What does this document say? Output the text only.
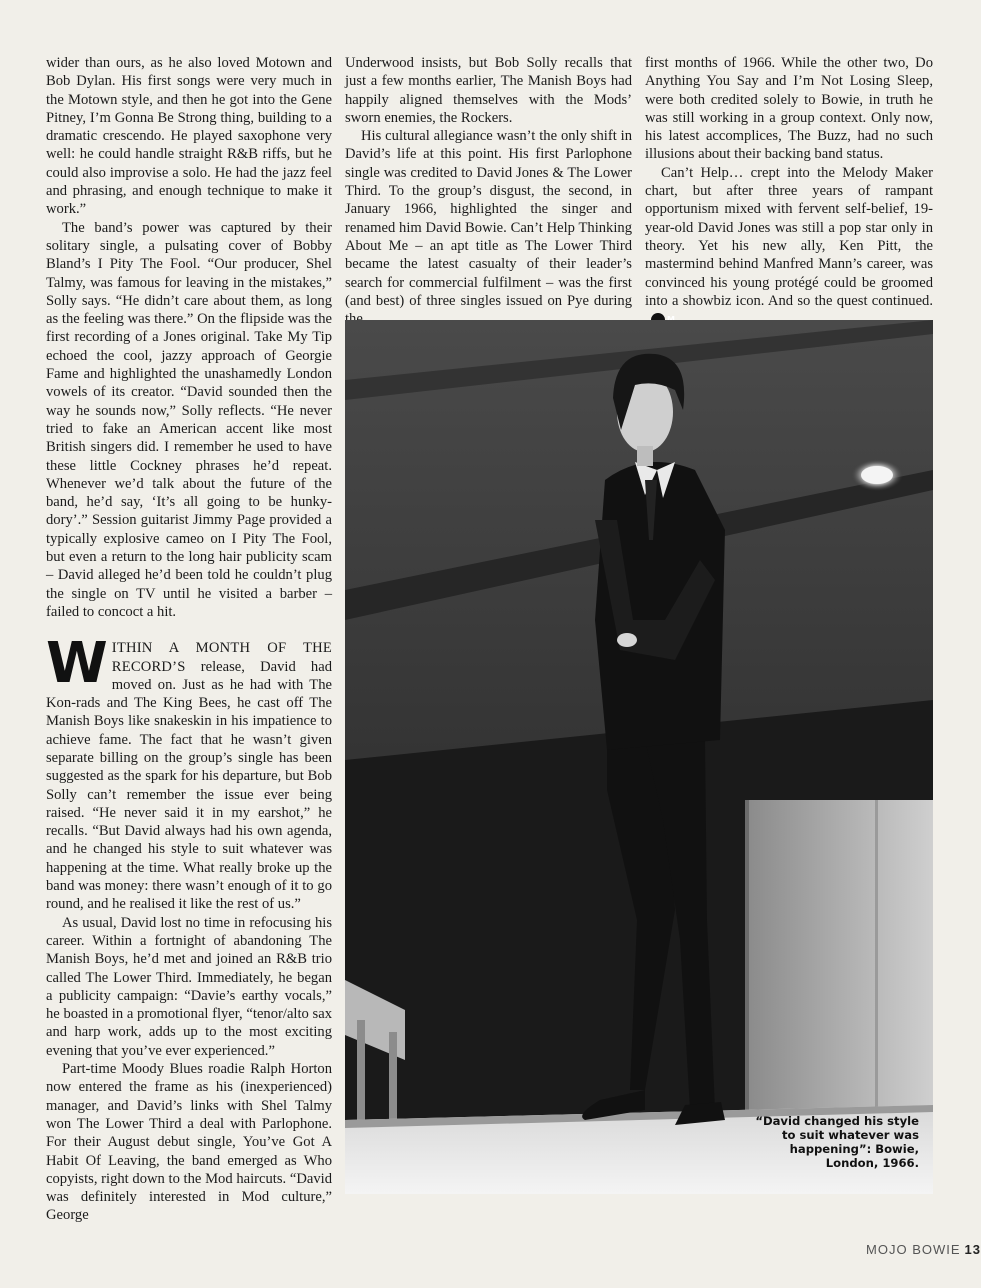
wider than ours, as he also loved Motown and Bob Dylan. His first songs were very much in the Motown style, and then he got into the Gene Pitney, I’m Gonna Be Strong thing, building to a dramatic crescendo. He played saxophone very well: he could handle straight R&B riffs, but he could also improvise a solo. He had the jazz feel and phrasing, and enough technique to make it work.”

The band’s power was captured by their solitary single, a pulsating cover of Bobby Bland’s I Pity The Fool. “Our producer, Shel Talmy, was famous for leaving in the mistakes,” Solly says. “He didn’t care about them, as long as the feeling was there.” On the flipside was the first recording of a Jones original. Take My Tip echoed the cool, jazzy approach of Georgie Fame and highlighted the unashamedly London vowels of its creator. “David sounded then the way he sounds now,” Solly reflects. “He never tried to fake an American accent like most British singers did. I remember he used to have these little Cockney phrases he’d repeat. Whenever we’d talk about the future of the band, he’d say, ‘It’s all going to be hunky-dory’.” Session guitarist Jimmy Page provided a typically explosive cameo on I Pity The Fool, but even a return to the long hair publicity scam – David alleged he’d been told he couldn’t plug the single on TV until he visited a barber – failed to concoct a hit.

WITHIN A MONTH OF THE RECORD’S release, David had moved on. Just as he had with The Kon-rads and The King Bees, he cast off The Manish Boys like snakeskin in his impatience to achieve fame. The fact that he wasn’t given separate billing on the group’s single has been suggested as the spark for his departure, but Bob Solly can’t remember the issue ever being raised. “He never said it in my earshot,” he recalls. “But David always had his own agenda, and he changed his style to suit whatever was happening at the time. What really broke up the band was money: there wasn’t enough of it to go round, and he realised it like the rest of us.”

As usual, David lost no time in refocusing his career. Within a fortnight of abandoning The Manish Boys, he’d met and joined an R&B trio called The Lower Third. Immediately, he began a publicity campaign: “Davie’s earthy vocals,” he boasted in a promotional flyer, “tenor/alto sax and harp work, adds up to the most exciting evening that you’ve ever experienced.”

Part-time Moody Blues roadie Ralph Horton now entered the frame as his (inexperienced) manager, and David’s links with Shel Talmy won The Lower Third a deal with Parlophone. For their August debut single, You’ve Got A Habit Of Leaving, the band emerged as Who copyists, right down to the Mod haircuts. “David was definitely interested in Mod culture,” George

Underwood insists, but Bob Solly recalls that just a few months earlier, The Manish Boys had happily aligned themselves with the Mods’ sworn enemies, the Rockers.

His cultural allegiance wasn’t the only shift in David’s life at this point. His first Parlophone single was credited to David Jones & The Lower Third. To the group’s disgust, the second, in January 1966, highlighted the singer and renamed him David Bowie. Can’t Help Thinking About Me – an apt title as The Lower Third became the latest casualty of their leader’s search for commercial fulfilment – was the first (and best) of three singles issued on Pye during

first months of 1966. While the other two, Do Anything You Say and I’m Not Losing Sleep, were both credited solely to Bowie, in truth he was still working in a group context. Only now, his latest accomplices, The Buzz, had no such illusions about their backing band status.

Can’t Help… crept into the Melody Maker chart, but after three years of rampant opportunism mixed with fervent self-belief, 19-year-old David Jones was still a pop star only in theory. Yet his new ally, Ken Pitt, the mastermind behind Manfred Mann’s career, was convinced his young protégé could be groomed into a showbiz icon. And so the quest continued.

“David changed his style to suit whatever was happening”: Bowie, London, 1966.
MOJO BOWIE 13
